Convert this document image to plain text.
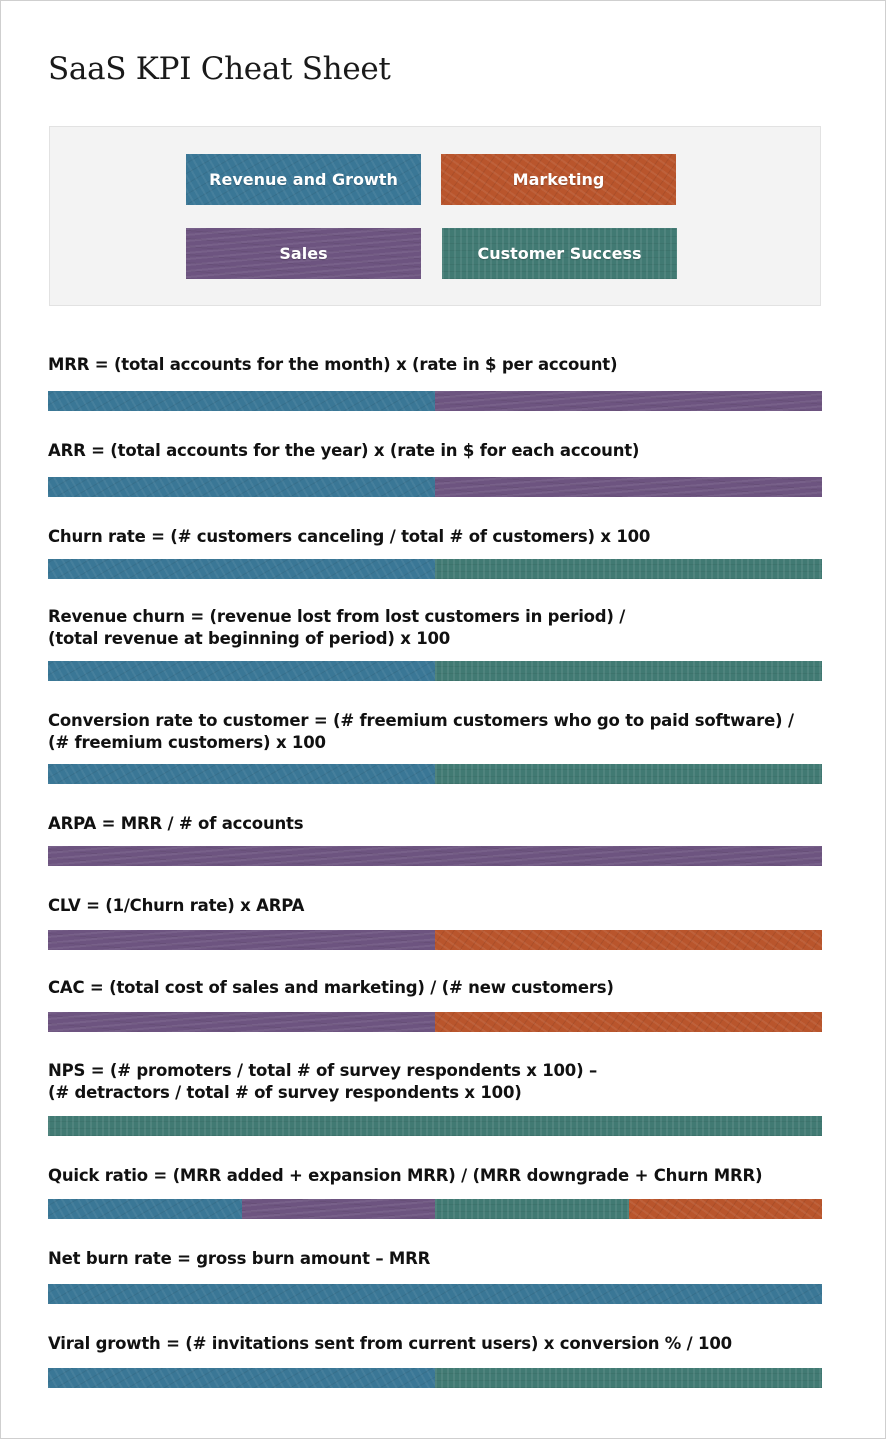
SaaS KPI Cheat Sheet
Revenue and Growth	Marketing
Sales	Customer Success

MRR = (total accounts for the month) x (rate in $ per account)

ARR = (total accounts for the year) x (rate in $ for each account)

Churn rate = (# customers canceling / total # of customers) x 100

Revenue churn = (revenue lost from lost customers in period) /

(total revenue at beginning of period) x 100

Conversion rate to customer = (# freemium customers who go to paid software) /

(# freemium customers) x 100

ARPA = MRR / # of accounts

CLV = (1/Churn rate) x ARPA

CAC = (total cost of sales and marketing) / (# new customers)

NPS = (# promoters / total # of survey respondents x 100) –

(# detractors / total # of survey respondents x 100)

Quick ratio = (MRR added + expansion MRR) / (MRR downgrade + Churn MRR)

Net burn rate = gross burn amount – MRR

Viral growth = (# invitations sent from current users) x conversion % / 100
